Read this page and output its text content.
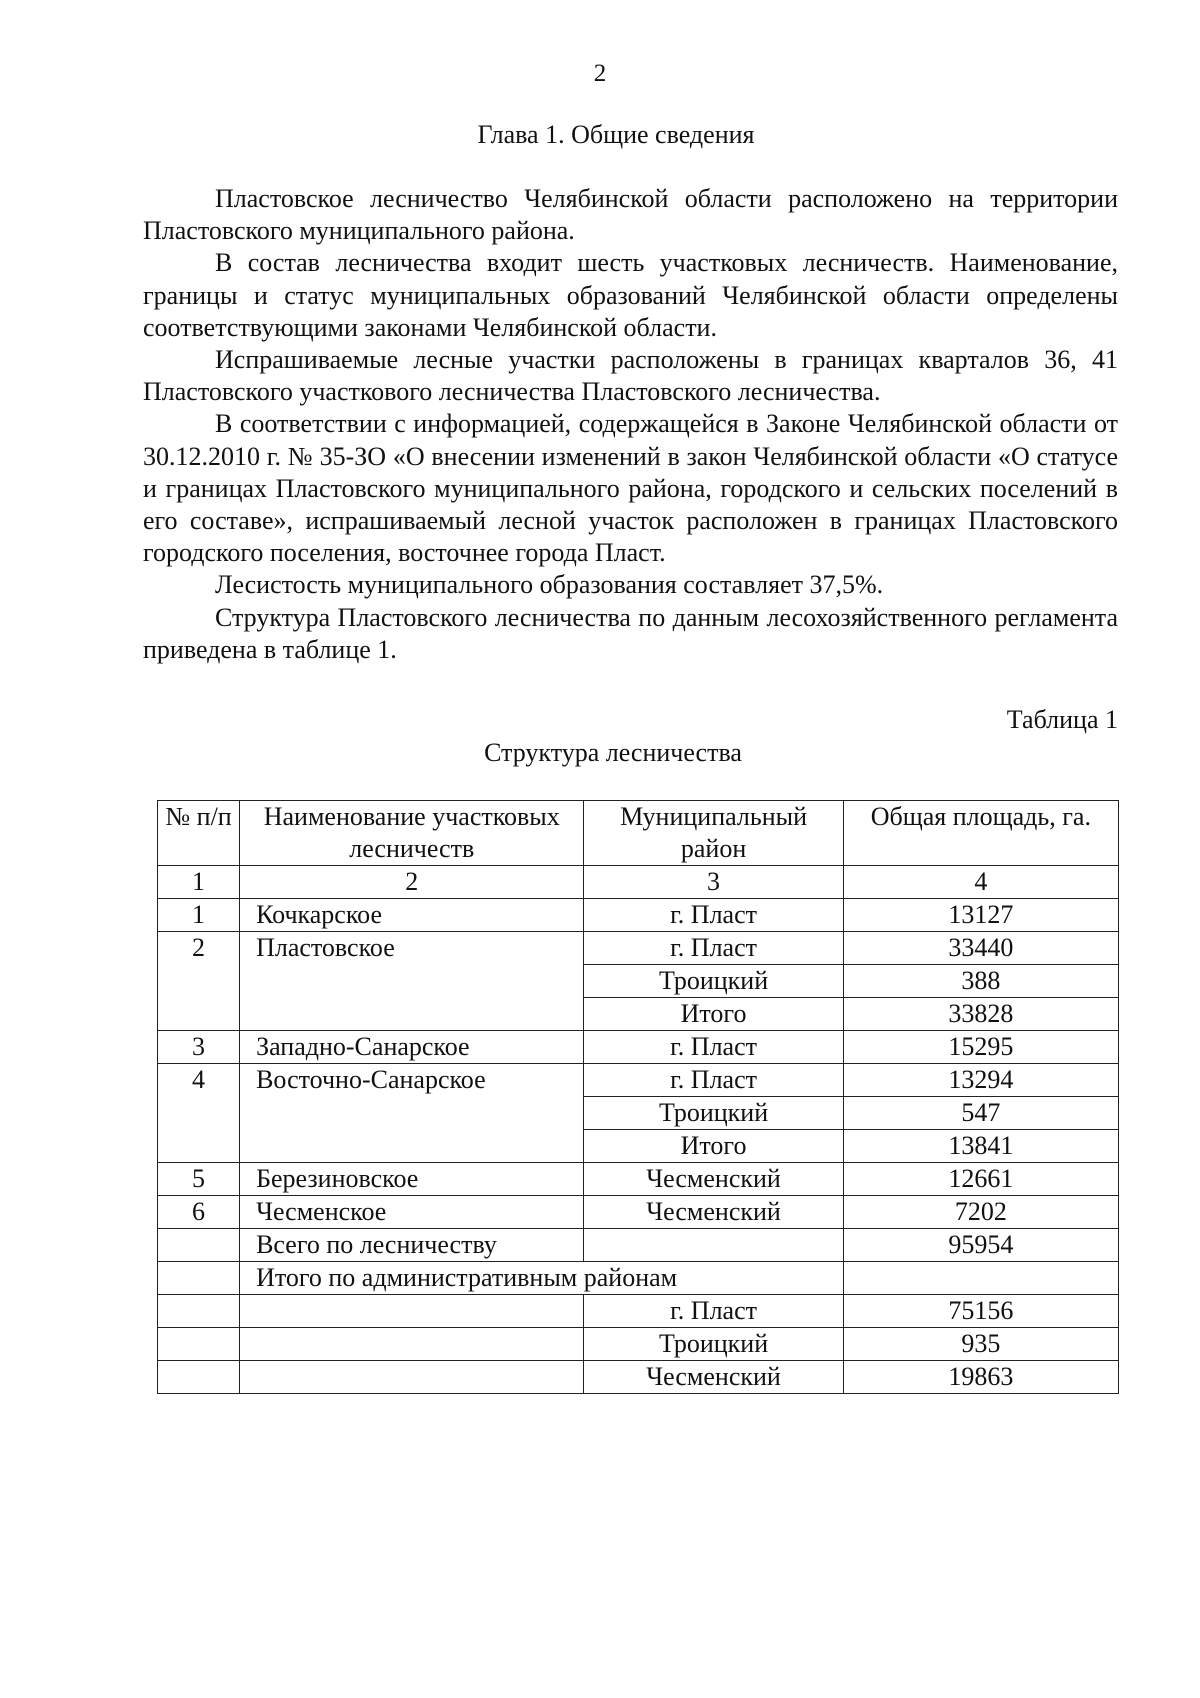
2
Глава 1. Общие сведения

Пластовское лесничество Челябинской области расположено на территории Пластовского муниципального района.

В состав лесничества входит шесть участковых лесничеств. Наименование, границы и статус муниципальных образований Челябинской области определены соответствующими законами Челябинской области.

Испрашиваемые лесные участки расположены в границах кварталов 36, 41 Пластовского участкового лесничества Пластовского лесничества.

В соответствии с информацией, содержащейся в Законе Челябинской области от 30.12.2010 г. № 35-ЗО «О внесении изменений в закон Челябинской области «О статусе и границах Пластовского муниципального района, городского и сельских поселений в его составе», испрашиваемый лесной участок расположен в границах Пластовского городского поселения, восточнее города Пласт.

Лесистость муниципального образования составляет 37,5%.

Структура Пластовского лесничества по данным лесохозяйственного регламента приведена в таблице 1.

Таблица 1
Структура лесничества
№ п/п	Наименование участковых лесничеств	Муниципальный район	Общая площадь, га.
1	2	3	4
1	Кочкарское	г. Пласт	13127
2	Пластовское	г. Пласт	33440
		Троицкий	388
		Итого	33828
3	Западно-Санарское	г. Пласт	15295
4	Восточно-Санарское	г. Пласт	13294
		Троицкий	547
		Итого	13841
5	Березиновское	Чесменский	12661
6	Чесменское	Чесменский	7202
	Всего по лесничеству		95954
	Итого по административным районам		
		г. Пласт	75156
		Троицкий	935
		Чесменский	19863
